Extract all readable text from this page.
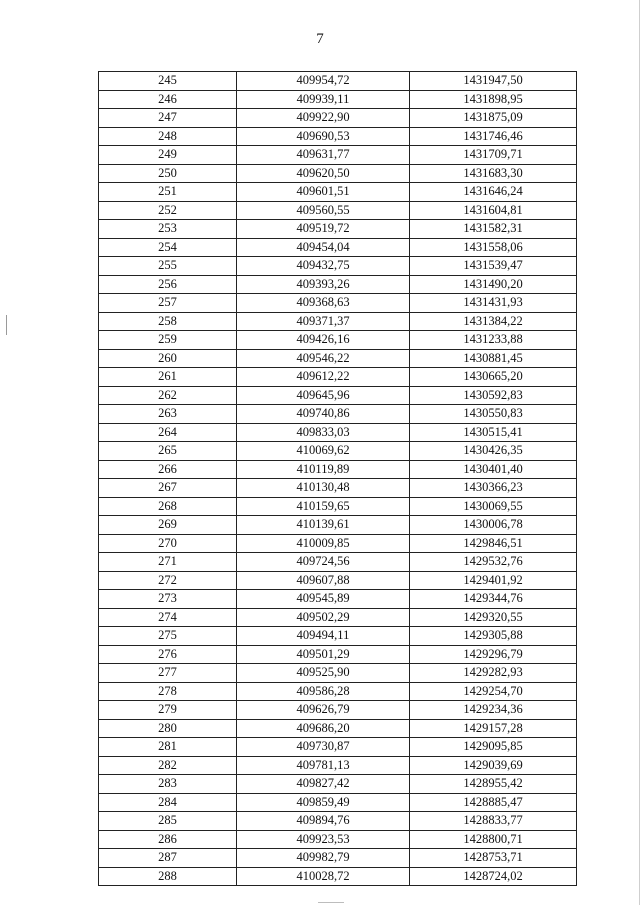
7
245	409954,72	1431947,50
246	409939,11	1431898,95
247	409922,90	1431875,09
248	409690,53	1431746,46
249	409631,77	1431709,71
250	409620,50	1431683,30
251	409601,51	1431646,24
252	409560,55	1431604,81
253	409519,72	1431582,31
254	409454,04	1431558,06
255	409432,75	1431539,47
256	409393,26	1431490,20
257	409368,63	1431431,93
258	409371,37	1431384,22
259	409426,16	1431233,88
260	409546,22	1430881,45
261	409612,22	1430665,20
262	409645,96	1430592,83
263	409740,86	1430550,83
264	409833,03	1430515,41
265	410069,62	1430426,35
266	410119,89	1430401,40
267	410130,48	1430366,23
268	410159,65	1430069,55
269	410139,61	1430006,78
270	410009,85	1429846,51
271	409724,56	1429532,76
272	409607,88	1429401,92
273	409545,89	1429344,76
274	409502,29	1429320,55
275	409494,11	1429305,88
276	409501,29	1429296,79
277	409525,90	1429282,93
278	409586,28	1429254,70
279	409626,79	1429234,36
280	409686,20	1429157,28
281	409730,87	1429095,85
282	409781,13	1429039,69
283	409827,42	1428955,42
284	409859,49	1428885,47
285	409894,76	1428833,77
286	409923,53	1428800,71
287	409982,79	1428753,71
288	410028,72	1428724,02
